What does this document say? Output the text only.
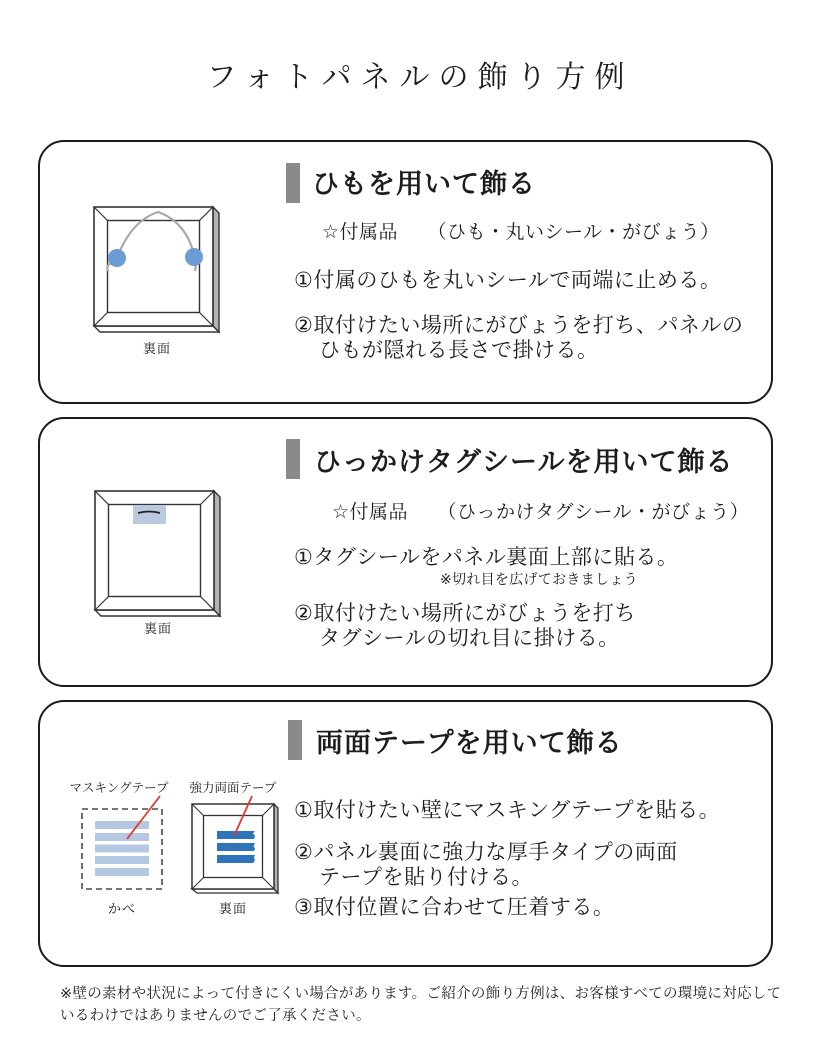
フォトパネルの飾り方例
裏面
ひもを用いて飾る
☆付属品　　（ひも・丸いシール・がびょう）
①付属のひもを丸いシールで両端に止める。
②取付けたい場所にがびょうを打ち、パネルの
ひもが隠れる長さで掛ける。
裏面
ひっかけタグシールを用いて飾る
☆付属品　　（ひっかけタグシール・がびょう）
①タグシールをパネル裏面上部に貼る。
※切れ目を広げておきましょう
②取付けたい場所にがびょうを打ち
タグシールの切れ目に掛ける。
マスキングテープ
かべ
強力両面テープ
裏面
両面テープを用いて飾る
①取付けたい壁にマスキングテープを貼る。
②パネル裏面に強力な厚手タイプの両面
テープを貼り付ける。
③取付位置に合わせて圧着する。
※壁の素材や状況によって付きにくい場合があります。ご紹介の飾り方例は、お客様すべての環境に対応して
いるわけではありませんのでご了承ください。
